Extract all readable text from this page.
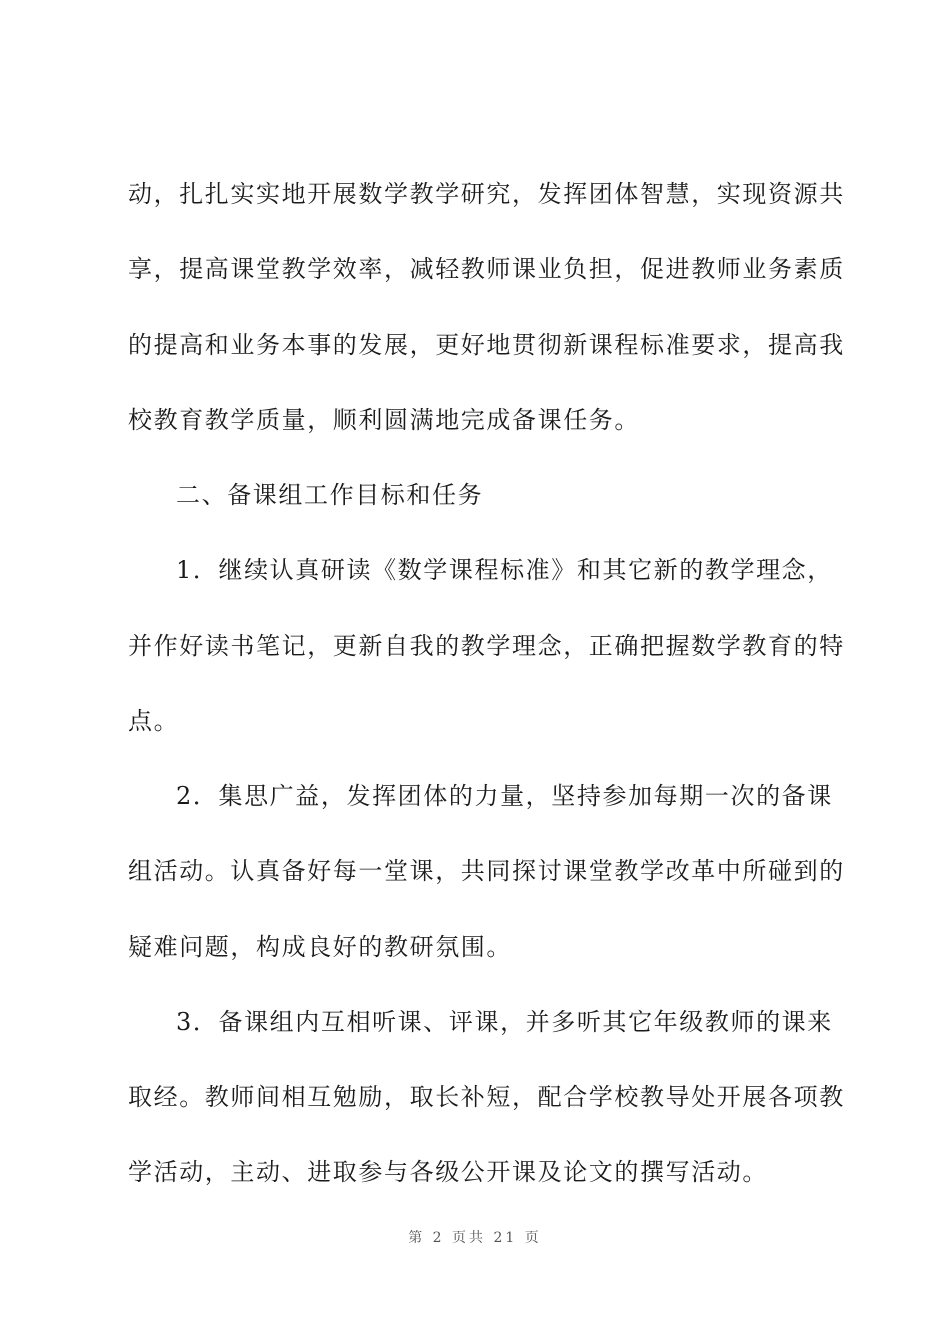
动，扎扎实实地开展数学教学研究，发挥团体智慧，实现资源共
享，提高课堂教学效率，减轻教师课业负担，促进教师业务素质
的提高和业务本事的发展，更好地贯彻新课程标准要求，提高我
校教育教学质量，顺利圆满地完成备课任务。
二、备课组工作目标和任务
1．继续认真研读《数学课程标准》和其它新的教学理念，
并作好读书笔记，更新自我的教学理念，正确把握数学教育的特
点。
2．集思广益，发挥团体的力量，坚持参加每期一次的备课
组活动。认真备好每一堂课，共同探讨课堂教学改革中所碰到的
疑难问题，构成良好的教研氛围。
3．备课组内互相听课、评课，并多听其它年级教师的课来
取经。教师间相互勉励，取长补短，配合学校教导处开展各项教
学活动，主动、进取参与各级公开课及论文的撰写活动。
第 2 页共 21 页
